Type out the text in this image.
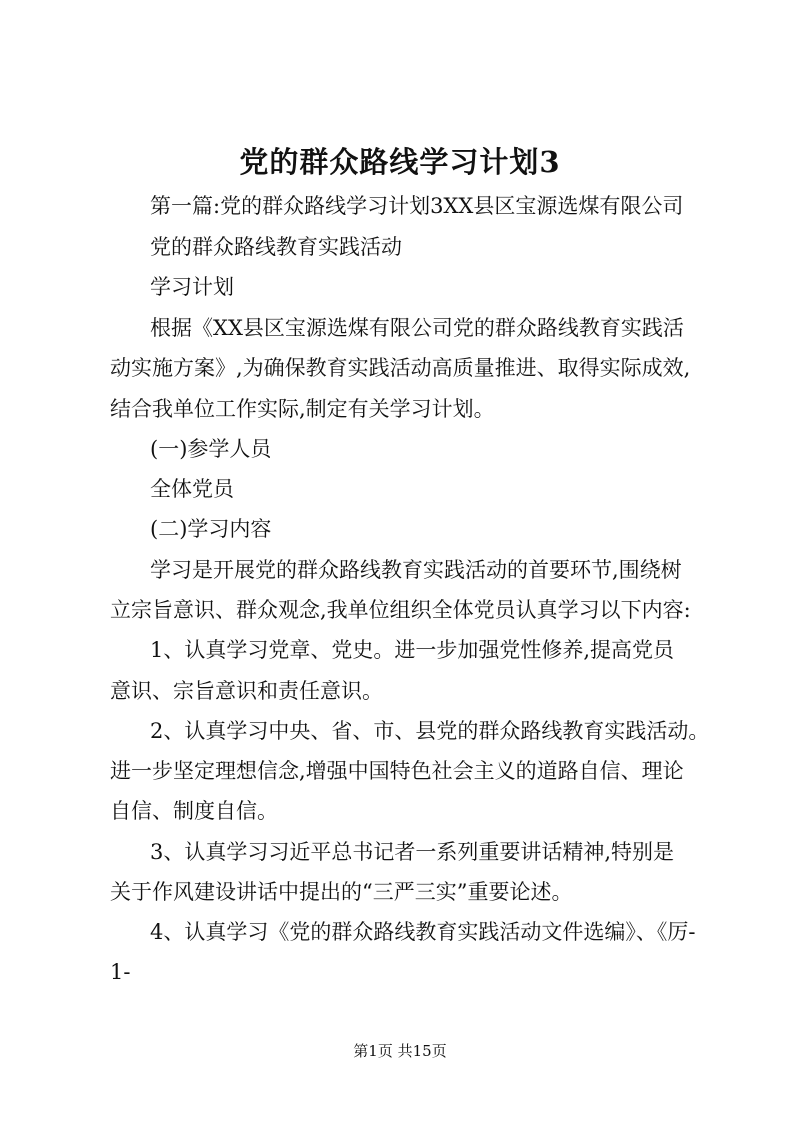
党的群众路线学习计划3
第一篇:党的群众路线学习计划3XX县区宝源选煤有限公司
党的群众路线教育实践活动
学习计划
根据《XX县区宝源选煤有限公司党的群众路线教育实践活
动实施方案》,为确保教育实践活动高质量推进、取得实际成效,
结合我单位工作实际,制定有关学习计划。
(一)参学人员
全体党员
(二)学习内容
学习是开展党的群众路线教育实践活动的首要环节,围绕树
立宗旨意识、群众观念,我单位组织全体党员认真学习以下内容:
1、认真学习党章、党史。进一步加强党性修养,提高党员
意识、宗旨意识和责任意识。
2、认真学习中央、省、市、县党的群众路线教育实践活动。
进一步坚定理想信念,增强中国特色社会主义的道路自信、理论
自信、制度自信。
3、认真学习习近平总书记者一系列重要讲话精神,特别是
关于作风建设讲话中提出的“三严三实”重要论述。
4、认真学习《党的群众路线教育实践活动文件选编》、《厉-
1-
第1页 共15页
